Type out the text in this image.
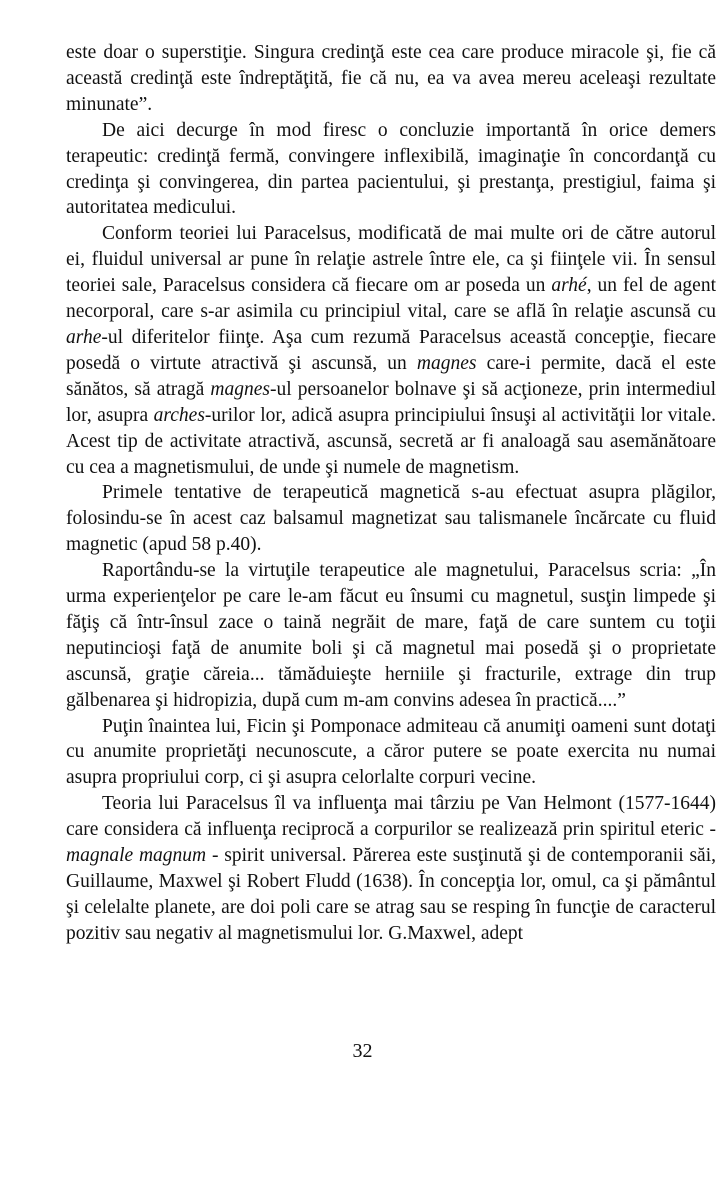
este doar o superstiţie. Singura credinţă este cea care produce miracole şi, fie că această credinţă este îndreptăţită, fie că nu, ea va avea mereu aceleaşi rezultate minunate”.

De aici decurge în mod firesc o concluzie importantă în orice demers terapeutic: credinţă fermă, convingere inflexibilă, imaginaţie în concordanţă cu credinţa şi convingerea, din partea pacientului, şi prestanţa, prestigiul, faima şi autoritatea medicului.

Conform teoriei lui Paracelsus, modificată de mai multe ori de către autorul ei, fluidul universal ar pune în relaţie astrele între ele, ca şi fiinţele vii. În sensul teoriei sale, Paracelsus considera că fiecare om ar poseda un arhé, un fel de agent necorporal, care s-ar asimila cu principiul vital, care se află în relaţie ascunsă cu arhe-ul diferitelor fiinţe. Aşa cum rezumă Paracelsus această concepţie, fiecare posedă o virtute atractivă şi ascunsă, un magnes care-i permite, dacă el este sănătos, să atragă magnes-ul persoanelor bolnave şi să acţioneze, prin intermediul lor, asupra arches-urilor lor, adică asupra principiului însuşi al activităţii lor vitale. Acest tip de activitate atractivă, ascunsă, secretă ar fi analoagă sau asemănătoare cu cea a magnetismului, de unde şi numele de magnetism.

Primele tentative de terapeutică magnetică s-au efectuat asupra plăgilor, folosindu-se în acest caz balsamul magnetizat sau talismanele încărcate cu fluid magnetic (apud 58 p.40).

Raportându-se la virtuţile terapeutice ale magnetului, Paracelsus scria: „În urma experienţelor pe care le-am făcut eu însumi cu magnetul, susţin limpede şi făţiş că într-însul zace o taină negrăit de mare, faţă de care suntem cu toţii neputincioşi faţă de anumite boli şi că magnetul mai posedă şi o proprietate ascunsă, graţie căreia... tămăduieşte herniile şi fracturile, extrage din trup gălbenarea şi hidropizia, după cum m-am convins adesea în practică....”

Puţin înaintea lui, Ficin şi Pomponace admiteau că anumiţi oameni sunt dotaţi cu anumite proprietăţi necunoscute, a căror putere se poate exercita nu numai asupra propriului corp, ci şi asupra celorlalte corpuri vecine.

Teoria lui Paracelsus îl va influenţa mai târziu pe Van Helmont (1577-1644) care considera că influenţa reciprocă a corpurilor se realizează prin spiritul eteric - magnale magnum - spirit universal. Părerea este susţinută şi de contemporanii săi, Guillaume, Maxwel şi Robert Fludd (1638). În concepţia lor, omul, ca şi pământul şi celelalte planete, are doi poli care se atrag sau se resping în funcţie de caracterul pozitiv sau negativ al magnetismului lor. G.Maxwel, adept

32
